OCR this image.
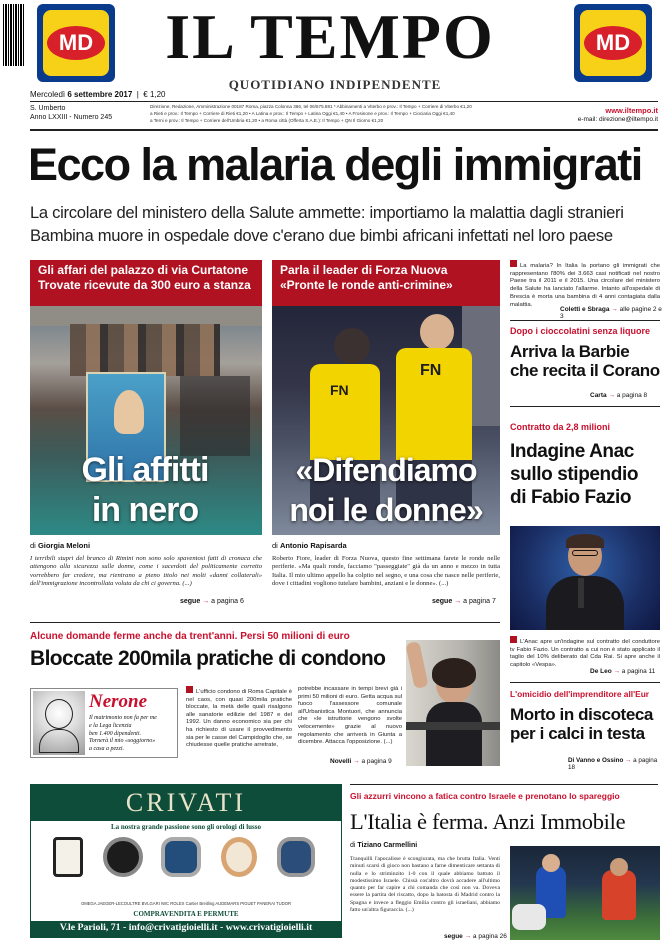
MD	IL TEMPO
QUOTIDIANO INDIPENDENTE
MD
Mercoledì 6 settembre 2017  |  € 1,20
S. Umberto
Anno LXXIII - Numero 245
Direzione, Redazione, Amministrazione 00187 Roma, piazza Colonna 366, tel 06/675.881 * Abbinamenti a Viterbo e prov.: Il Tempo + Corriere di Viterbo €1,20
a Rieti e prov.: Il Tempo + Corriere di Rieti €1,20 • A Latina e prov.: Il Tempo + Latina Oggi €1,40 • A Frosinone e prov.: Il Tempo + Ciociaria Oggi €1,40
a Terni e prov.: Il Tempo + Corriere dell'Umbria €1,20 • a Roma città (Offerta S.A.E.): Il Tempo + QN Il Giorno €1,20
www.iltempo.it
e-mail: direzione@iltempo.it
Ecco la malaria degli immigrati
La circolare del ministero della Salute ammette: importiamo la malattia dagli stranieri
Bambina muore in ospedale dove c'erano due bimbi africani infettati nel loro paese
Gli affari del palazzo di via Curtatone
Trovate ricevute da 300 euro a stanza
Gli affitti
in nero
di Giorgia Meloni
I terribili stupri del branco di Rimini non sono solo spaventosi fatti di cronaca che attengono alla sicurezza sulle donne, come i sacerdoti del politicamente corretto vorrebbero far credere, ma rientrano a pieno titolo nei molti «danni collaterali» dell'immigrazione incontrollata voluta da chi ci governa. (...)
segue → a pagina 6
Parla il leader di Forza Nuova
«Pronte le ronde anti-crimine»
FN
FN
«Difendiamo
noi le donne»
di Antonio Rapisarda
Roberto Fiore, leader di Forza Nuova, questo fine settimana farete le ronde nelle periferie. «Ma quali ronde, facciamo "passeggiate" già da un anno e mezzo in tutta Italia. Il mio ultimo appello ha colpito nel segno, e una cosa che nasce nelle periferie, dove i cittadini vogliono tutelare bambini, anziani e le donne». (...)
segue → a pagina 7
La malaria? In Italia la portano gli immigrati che rappresentano l'80% dei 3.663 casi notificati nel nostro Paese tra il 2011 e il 2015. Una circolare del ministero della Salute ha lanciato l'allarme. Intanto all'ospedale di Brescia è morta una bambina di 4 anni contagiata dalla malattia.
Coletti e Sbraga → alle pagine 2 e 3
Dopo i cioccolatini senza liquore
Arriva la Barbie
che recita il Corano
Carta → a pagina 8
Contratto da 2,8 milioni
Indagine Anac
sullo stipendio
di Fabio Fazio
L'Anac apre un'indagine sul contratto del conduttore tv Fabio Fazio. Un contratto a cui non è stato applicato il taglio del 10% deliberato dal Cda Rai. Si apre anche il capitolo «Vespa».
De Leo → a pagina 11
L'omicidio dell'imprenditore all'Eur
Morto in discoteca
per i calci in testa
Di Vanno e Ossino → a pagina 18
Alcune domande ferme anche da trent'anni. Persi 50 milioni di euro
Bloccate 200mila pratiche di condono
Nerone
Il matrimonio non fa per me
e la Lega licenzia
ben 1.400 dipendenti.
Tornerà il mio «soggiorno»
a casa a pezzi.
L'ufficio condono di Roma Capitale è nel caos, con quasi 200mila pratiche bloccate, la metà delle quali risalgono alle sanatorie edilizie del 1987 e del 1992. Un danno economico sia per chi ha richiesto di usare il provvedimento sia per le casse del Campidoglio che, se chiudesse quelle pratiche arretrate,
potrebbe incassare in tempi brevi già i primi 50 milioni di euro. Getta acqua sul fuoco l'assessore comunale all'Urbanistica Montuori, che annuncia che «le istruttorie vengono svolte velocemente» grazie al nuovo regolamento che arriverà in Giunta a dicembre. Attacca l'opposizione. (...)
Novelli → a pagina 9
CRIVATI
La nostra grande passione sono gli orologi di lusso
OMEGA JAEGER-LECOULTRE BVLGARI IWC ROLEX Cartier Breitling AUDEMARS PIGUET PANERAI TUDOR
COMPRAVENDITA E PERMUTE
V.le Parioli, 71 - info@crivatigioielli.it - www.crivatigioielli.it
Gli azzurri vincono a fatica contro Israele e prenotano lo spareggio
L'Italia è ferma. Anzi Immobile
di Tiziano Carmellini
Tranquilli l'apocalisse è scongiurata, ma che brutta Italia. Venti minuti scarsi di gioco non bastano a farne dimenticare settanta di nulla e lo striminzito 1-0 con il quale abbiamo battuto il modestissimo Israele. Chissà cos'altro dovrà accadere all'ultimo quanto per far capire a chi comanda che così non va. Doveva essere la partita del riscatto, dopo la batosta di Madrid contro la Spagna e invece a fleggio Emilia contro gli israeliani, abbiamo fatto un'altra figuraccia. (...)
segue → a pagina 26
